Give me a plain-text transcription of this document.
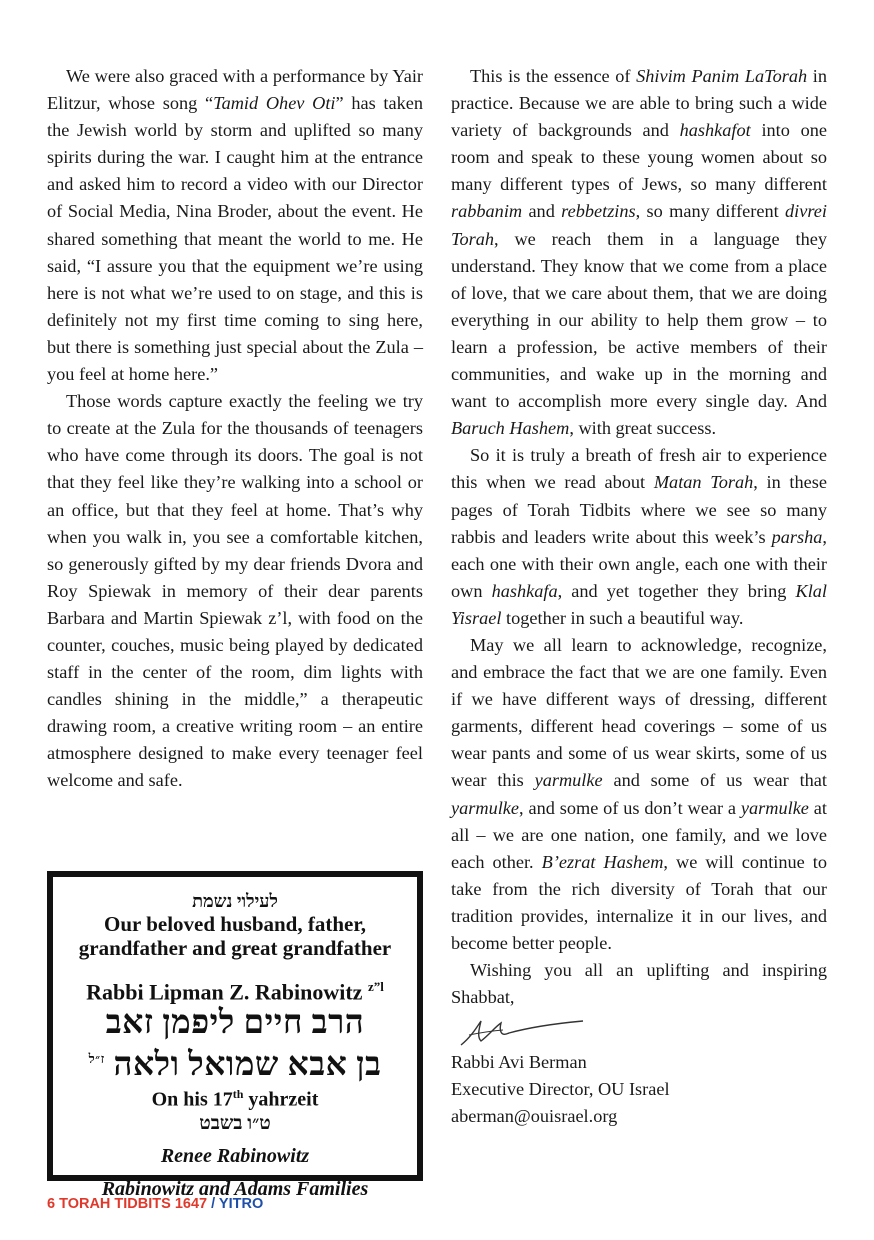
We were also graced with a performance by Yair Elitzur, whose song “Tamid Ohev Oti” has taken the Jewish world by storm and uplifted so many spirits during the war. I caught him at the entrance and asked him to record a video with our Director of Social Media, Nina Broder, about the event. He shared something that meant the world to me. He said, “I assure you that the equipment we’re using here is not what we’re used to on stage, and this is definitely not my first time coming to sing here, but there is something just special about the Zula – you feel at home here.”

Those words capture exactly the feeling we try to create at the Zula for the thousands of teenagers who have come through its doors. The goal is not that they feel like they’re walking into a school or an office, but that they feel at home. That’s why when you walk in, you see a comfortable kitchen, so generously gifted by my dear friends Dvora and Roy Spiewak in memory of their dear parents Barbara and Martin Spiewak z’l, with food on the counter, couches, music being played by dedicated staff in the center of the room, dim lights with candles shining in the middle,” a therapeutic drawing room, a creative writing room – an entire atmosphere designed to make every teenager feel welcome and safe.

לעילוי נשמת
Our beloved husband, father,
grandfather and great grandfather
Rabbi Lipman Z. Rabinowitz $^{z”l}$
הרב חיים ליפמן זאב
בן אבא שמואל ולאה $^{ז״ל}$
On his 17th yahrzeit
ט״ו בשבט
Renee Rabinowitz
Rabinowitz and Adams Families

This is the essence of Shivim Panim LaTorah in practice. Because we are able to bring such a wide variety of backgrounds and hashkafot into one room and speak to these young women about so many different types of Jews, so many different rabbanim and rebbetzins, so many different divrei Torah, we reach them in a language they understand. They know that we come from a place of love, that we care about them, that we are doing everything in our ability to help them grow – to learn a profession, be active members of their communities, and wake up in the morning and want to accomplish more every single day. And Baruch Hashem, with great success.

So it is truly a breath of fresh air to experience this when we read about Matan Torah, in these pages of Torah Tidbits where we see so many rabbis and leaders write about this week’s parsha, each one with their own angle, each one with their own hashkafa, and yet together they bring Klal Yisrael together in such a beautiful way.

May we all learn to acknowledge, recognize, and embrace the fact that we are one family. Even if we have different ways of dressing, different garments, different head coverings – some of us wear pants and some of us wear skirts, some of us wear this yarmulke and some of us wear that yarmulke, and some of us don’t wear a yarmulke at all – we are one nation, one family, and we love each other. B’ezrat Hashem, we will continue to take from the rich diversity of Torah that our tradition provides, internalize it in our lives, and become better people.

Wishing you all an uplifting and inspiring Shabbat,

Rabbi Avi Berman
Executive Director, OU Israel
aberman@ouisrael.org
6 TORAH TIDBITS 1647 / YITRO
